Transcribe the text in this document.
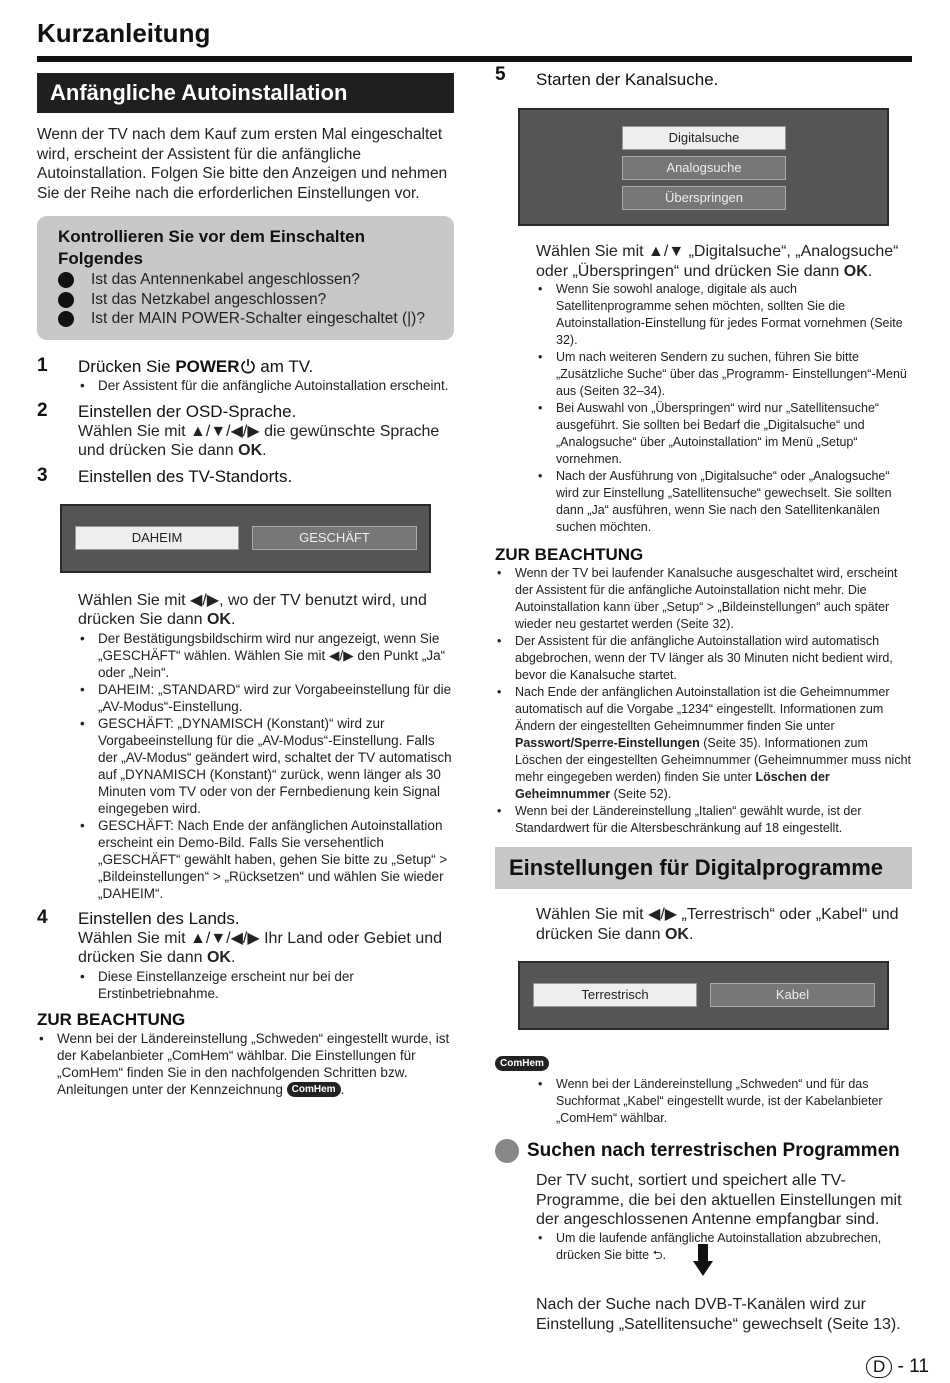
Kurzanleitung
Anfängliche Autoinstallation

Wenn der TV nach dem Kauf zum ersten Mal eingeschaltet wird, erscheint der Assistent für die anfängliche Autoinstallation. Folgen Sie bitte den Anzeigen und nehmen Sie der Reihe nach die erforderlichen Einstellungen vor.

Kontrollieren Sie vor dem Einschalten Folgendes
Ist das Antennenkabel angeschlossen?
Ist das Netzkabel angeschlossen?
Ist der MAIN POWER-Schalter eingeschaltet (|)?
1 Drücken Sie POWER am TV.
• Der Assistent für die anfängliche Autoinstallation erscheint.
2 Einstellen der OSD-Sprache.
Wählen Sie mit ▲/▼/◀/▶ die gewünschte Sprache und drücken Sie dann OK.
3 Einstellen des TV-Standorts.
DAHEIM	GESCHÄFT
Wählen Sie mit ◀/▶, wo der TV benutzt wird, und drücken Sie dann OK.
• Der Bestätigungsbildschirm wird nur angezeigt, wenn Sie „GESCHÄFT“ wählen. Wählen Sie mit ◀/▶ den Punkt „Ja“ oder „Nein“.
• DAHEIM: „STANDARD“ wird zur Vorgabeeinstellung für die „AV-Modus“-Einstellung.
• GESCHÄFT: „DYNAMISCH (Konstant)“ wird zur Vorgabeeinstellung für die „AV-Modus“-Einstellung. Falls der „AV-Modus“ geändert wird, schaltet der TV automatisch auf „DYNAMISCH (Konstant)“ zurück, wenn länger als 30 Minuten vom TV oder von der Fernbedienung kein Signal eingegeben wird.
• GESCHÄFT: Nach Ende der anfänglichen Autoinstallation erscheint ein Demo-Bild. Falls Sie versehentlich „GESCHÄFT“ gewählt haben, gehen Sie bitte zu „Setup“ > „Bildeinstellungen“ > „Rücksetzen“ und wählen Sie wieder „DAHEIM“.
4 Einstellen des Lands.
Wählen Sie mit ▲/▼/◀/▶ Ihr Land oder Gebiet und drücken Sie dann OK.
• Diese Einstellanzeige erscheint nur bei der Erstinbetriebnahme.
ZUR BEACHTUNG
• Wenn bei der Ländereinstellung „Schweden“ eingestellt wurde, ist der Kabelanbieter „ComHem“ wählbar. Die Einstellungen für „ComHem“ finden Sie in den nachfolgenden Schritten bzw. Anleitungen unter der Kennzeichnung ComHem .
5 Starten der Kanalsuche.
Digitalsuche
Analogsuche
Überspringen
Wählen Sie mit ▲/▼ „Digitalsuche“, „Analogsuche“ oder „Überspringen“ und drücken Sie dann OK.
• Wenn Sie sowohl analoge, digitale als auch Satellitenprogramme sehen möchten, sollten Sie die Autoinstallation-Einstellung für jedes Format vornehmen (Seite 32).
• Um nach weiteren Sendern zu suchen, führen Sie bitte „Zusätzliche Suche“ über das „Programm- Einstellungen“-Menü aus (Seiten 32–34).
• Bei Auswahl von „Überspringen“ wird nur „Satellitensuche“ ausgeführt. Sie sollten bei Bedarf die „Digitalsuche“ und „Analogsuche“ über „Autoinstallation“ im Menü „Setup“ vornehmen.
• Nach der Ausführung von „Digitalsuche“ oder „Analogsuche“ wird zur Einstellung „Satellitensuche“ gewechselt. Sie sollten dann „Ja“ ausführen, wenn Sie nach den Satellitenkanälen suchen möchten.
ZUR BEACHTUNG
• Wenn der TV bei laufender Kanalsuche ausgeschaltet wird, erscheint der Assistent für die anfängliche Autoinstallation nicht mehr. Die Autoinstallation kann über „Setup“ > „Bildeinstellungen“ auch später wieder neu gestartet werden (Seite 32).
• Der Assistent für die anfängliche Autoinstallation wird automatisch abgebrochen, wenn der TV länger als 30 Minuten nicht bedient wird, bevor die Kanalsuche startet.
• Nach Ende der anfänglichen Autoinstallation ist die Geheimnummer automatisch auf die Vorgabe „1234“ eingestellt. Informationen zum Ändern der eingestellten Geheimnummer finden Sie unter Passwort/Sperre-Einstellungen (Seite 35). Informationen zum Löschen der eingestellten Geheimnummer (Geheimnummer muss nicht mehr eingegeben werden) finden Sie unter Löschen der Geheimnummer (Seite 52).
• Wenn bei der Ländereinstellung „Italien“ gewählt wurde, ist der Standardwert für die Altersbeschränkung auf 18 eingestellt.
Einstellungen für Digitalprogramme
Wählen Sie mit ◀/▶ „Terrestrisch“ oder „Kabel“ und drücken Sie dann OK.
Terrestrisch	Kabel
ComHem
• Wenn bei der Ländereinstellung „Schweden“ und für das Suchformat „Kabel“ eingestellt wurde, ist der Kabelanbieter „ComHem“ wählbar.
Suchen nach terrestrischen Programmen
Der TV sucht, sortiert und speichert alle TV-Programme, die bei den aktuellen Einstellungen mit der angeschlossenen Antenne empfangbar sind.
• Um die laufende anfängliche Autoinstallation abzubrechen, drücken Sie bitte ⮌.
Nach der Suche nach DVB-T-Kanälen wird zur Einstellung „Satellitensuche“ gewechselt (Seite 13).
D - 11
